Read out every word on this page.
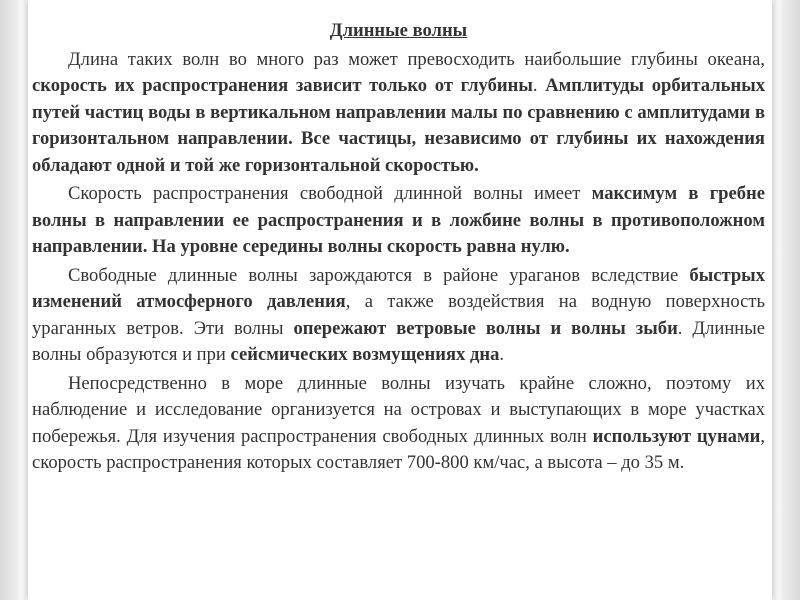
Длинные волны

Длина таких волн во много раз может превосходить наибольшие глубины океана, скорость их распространения зависит только от глубины. Амплитуды орбитальных путей частиц воды в вертикальном направлении малы по сравнению с амплитудами в горизонтальном направлении. Все частицы, независимо от глубины их нахождения обладают одной и той же горизонтальной скоростью.

Скорость распространения свободной длинной волны имеет максимум в гребне волны в направлении ее распространения и в ложбине волны в противоположном направлении. На уровне середины волны скорость равна нулю.

Свободные длинные волны зарождаются в районе ураганов вследствие быстрых изменений атмосферного давления, а также воздействия на водную поверхность ураганных ветров. Эти волны опережают ветровые волны и волны зыби. Длинные волны образуются и при сейсмических возмущениях дна.

Непосредственно в море длинные волны изучать крайне сложно, поэтому их наблюдение и исследование организуется на островах и выступающих в море участках побережья. Для изучения распространения свободных длинных волн используют цунами, скорость распространения которых составляет 700-800 км/час, а высота – до 35 м.
